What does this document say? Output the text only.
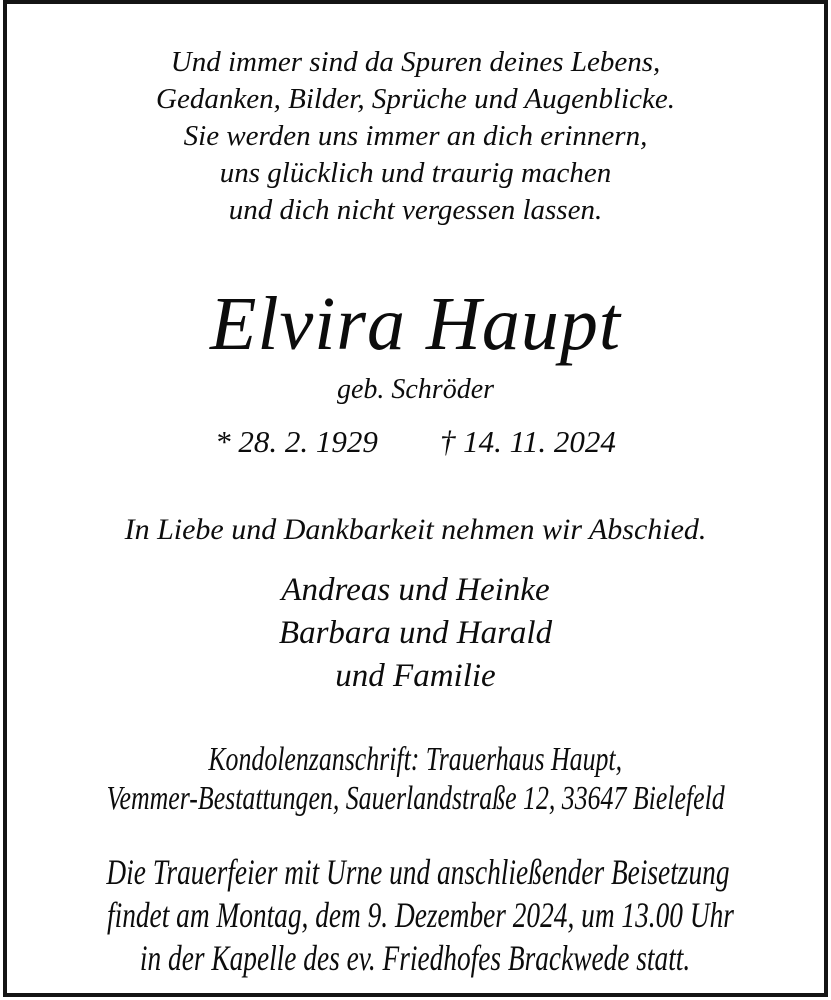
Und immer sind da Spuren deines Lebens,
Gedanken, Bilder, Sprüche und Augenblicke.
Sie werden uns immer an dich erinnern,
uns glücklich und traurig machen
und dich nicht vergessen lassen.
Elvira Haupt
geb. Schröder
* 28. 2. 1929 † 14. 11. 2024
In Liebe und Dankbarkeit nehmen wir Abschied.
Andreas und Heinke
Barbara und Harald
und Familie
Kondolenzanschrift: Trauerhaus Haupt,
Vemmer-Bestattungen, Sauerlandstraße 12, 33647 Bielefeld
Die Trauerfeier mit Urne und anschließender Beisetzung
findet am Montag, dem 9. Dezember 2024, um 13.00 Uhr
in der Kapelle des ev. Friedhofes Brackwede statt.
